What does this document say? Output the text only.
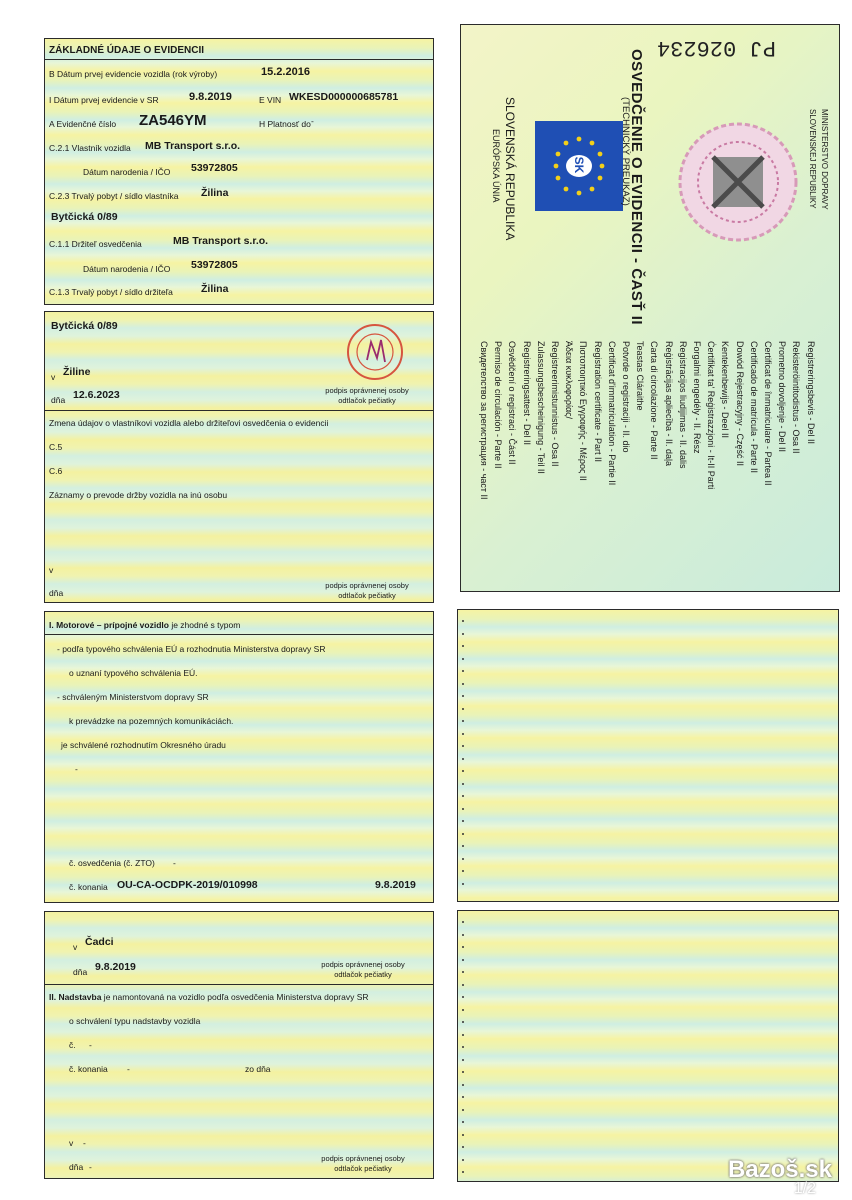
ZÁKLADNÉ ÚDAJE O EVIDENCII
B Dátum prvej evidencie vozidla (rok výroby)	15.2.2016
I Dátum prvej evidencie v SR	9.8.2019	E VIN WKESD000000685781
A Evidenčné číslo ZA546YM	H Platnosť do -
C.2.1 Vlastník vozidla MB Transport s.r.o.
Dátum narodenia / IČO 53972805
C.2.3 Trvalý pobyt / sídlo vlastníka Žilina
Bytčická 0/89
C.1.1 Držiteľ osvedčenia	MB Transport s.r.o.
Dátum narodenia / IČO 53972805
C.1.3 Trvalý pobyt / sídlo držiteľa	Žilina
Bytčická 0/89
v Žiline
dňa 12.6.2023	podpis oprávnenej osoby
odtlačok pečiatky
Zmena údajov o vlastníkovi vozidla alebo držiteľovi osvedčenia o evidencii
C.5
C.6
Záznamy o prevode držby vozidla na inú osobu
v
dňa
podpis oprávnenej osoby
odtlačok pečiatky
I. Motorové – prípojné vozidlo je zhodné s typom
- podľa typového schválenia EÚ a rozhodnutia Ministerstva dopravy SR
o uznaní typového schválenia EÚ.
- schváleným Ministerstvom dopravy SR
k prevádzke na pozemných komunikáciách.
je schválené rozhodnutím Okresného úradu
-
č. osvedčenia (č. ZTO) -
č. konania OU-CA-OCDPK-2019/010998	9.8.2019
v Čadci
dňa 9.8.2019	podpis oprávnenej osoby
odtlačok pečiatky
II. Nadstavba je namontovaná na vozidlo podľa osvedčenia Ministerstva dopravy SR
o schválení typu nadstavby vozidla
č. -
č. konania -	zo dňa
v -
dňa -
podpis oprávnenej osoby
odtlačok pečiatky
PJ 026234
SK
EURÓPSKA ÚNIA SLOVENSKÁ REPUBLIKA	OSVEDČENIE O EVIDENCII - ČASŤ II
(TECHNICKÝ PREUKAZ)	MINISTERSTVO DOPRAVY
SLOVENSKEJ REPUBLIKY
Свидетелство за регистрация - част II Permiso de circulación - Parte II Osvědčení o registraci - Část II Registreringsattest - Del II Zulassungsbescheinigung - Teil II Registreerimistunnistus - Osa II Άδεια κυκλοφορίας/ Πιστοποιητικό Εγγραφής - Μέρος II Registration certificate - Part II Certificat d'immatriculation - Partie II Potvrde o registraciji - II. dio Teastas Cláraithe Carta di circolazione - Parte II Reģistrācijas apliecība - II. daļa Registracijos liudijimas - II. dalis Forgalmi engedély - II. Rész Ċertifikat ta' Reġistrazzjoni - It-II Parti Kentekenbewijs - Deel II Dowód Rejestracyjny - Część II Certificado de matrícula - Parte II Certificat de înmatriculare - Partea II Prometno dovoljenje - Del II Rekisteröintitodistus - Osa II Registreringsbevis - Del II
Bazoš.sk
1/2
